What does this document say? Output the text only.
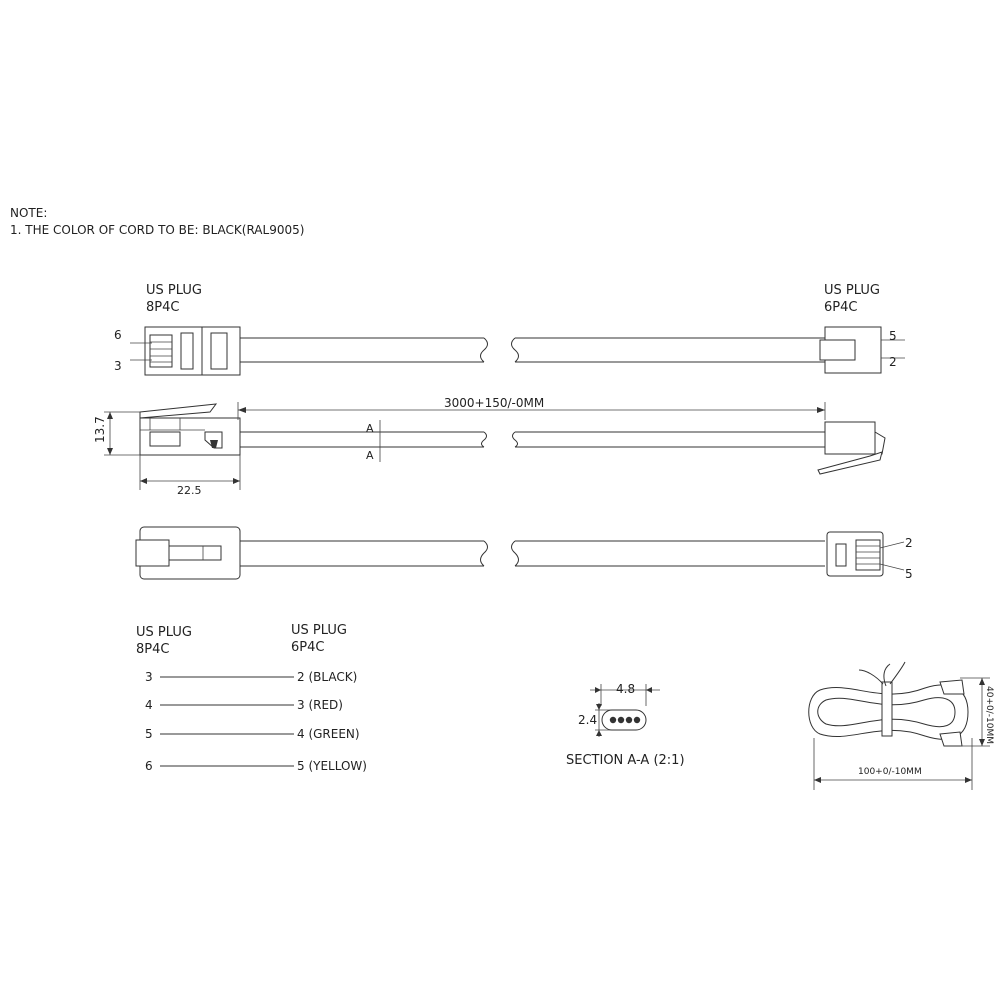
NOTE:
1. THE COLOR OF CORD TO BE: BLACK(RAL9005)
US PLUG
8P4C
US PLUG
6P4C
6
3
5
2
13.7
22.5
3000+150/-0MM
A
A
2
5
US PLUG
8P4C
US PLUG
6P4C
3	2 (BLACK)
4	3 (RED)
5	4 (GREEN)
6	5 (YELLOW)
4.8
2.4
SECTION A-A (2:1)
100+0/-10MM
40+0/-10MM
